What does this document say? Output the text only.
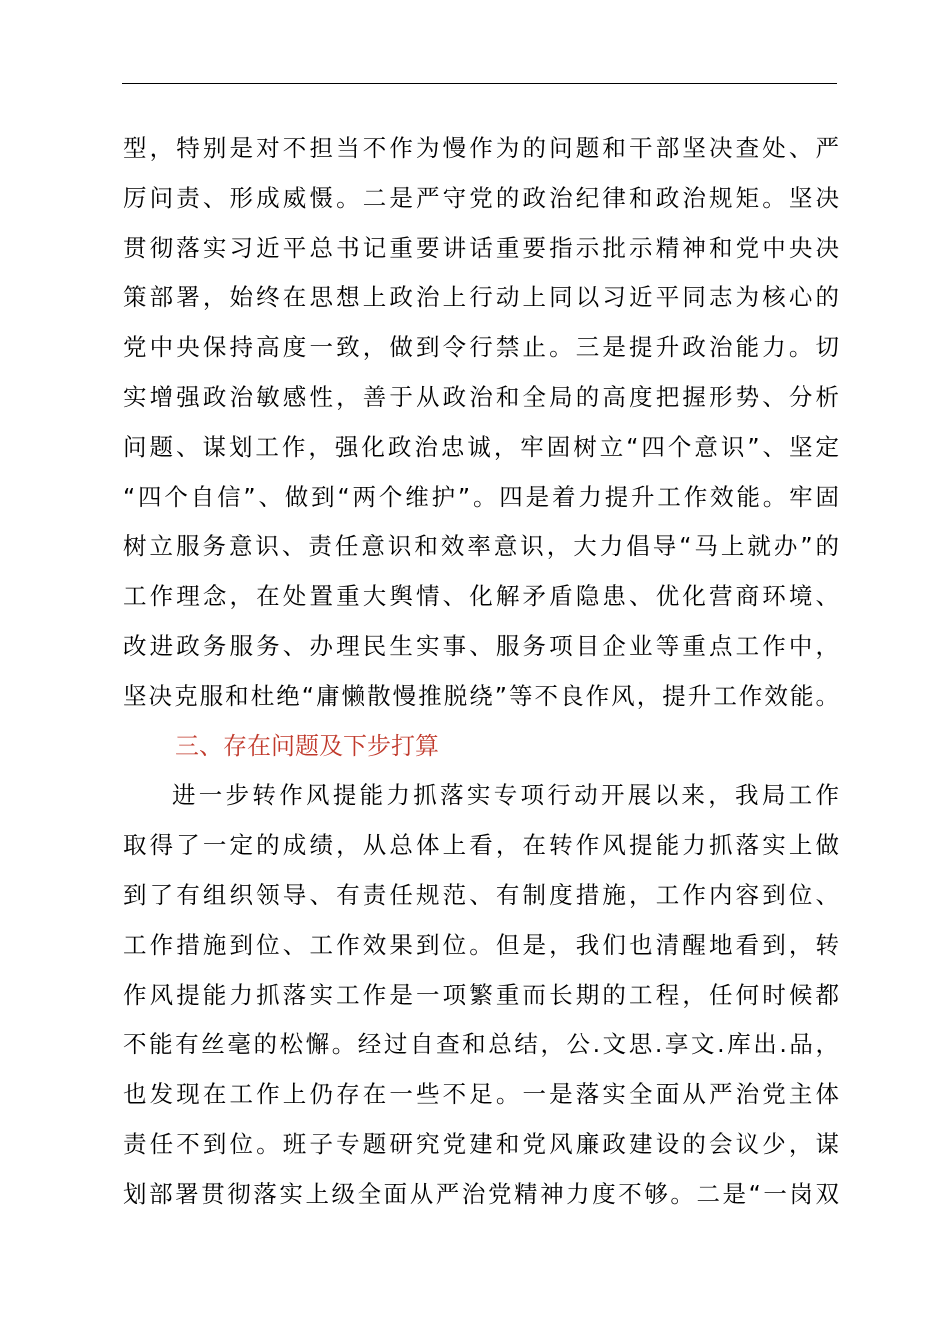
型，特别是对不担当不作为慢作为的问题和干部坚决查处、严
厉问责、形成威慑。二是严守党的政治纪律和政治规矩。坚决
贯彻落实习近平总书记重要讲话重要指示批示精神和党中央决
策部署，始终在思想上政治上行动上同以习近平同志为核心的
党中央保持高度一致，做到令行禁止。三是提升政治能力。切
实增强政治敏感性，善于从政治和全局的高度把握形势、分析
问题、谋划工作，强化政治忠诚，牢固树立“四个意识”、坚定
“四个自信”、做到“两个维护”。四是着力提升工作效能。牢固
树立服务意识、责任意识和效率意识，大力倡导“马上就办”的
工作理念，在处置重大舆情、化解矛盾隐患、优化营商环境、
改进政务服务、办理民生实事、服务项目企业等重点工作中，
坚决克服和杜绝“庸懒散慢推脱绕”等不良作风，提升工作效能。
三、存在问题及下步打算
进一步转作风提能力抓落实专项行动开展以来，我局工作
取得了一定的成绩，从总体上看，在转作风提能力抓落实上做
到了有组织领导、有责任规范、有制度措施，工作内容到位、
工作措施到位、工作效果到位。但是，我们也清醒地看到，转
作风提能力抓落实工作是一项繁重而长期的工程，任何时候都
不能有丝毫的松懈。经过自查和总结，公.文思.享文.库出.品，
也发现在工作上仍存在一些不足。一是落实全面从严治党主体
责任不到位。班子专题研究党建和党风廉政建设的会议少，谋
划部署贯彻落实上级全面从严治党精神力度不够。二是“一岗双
